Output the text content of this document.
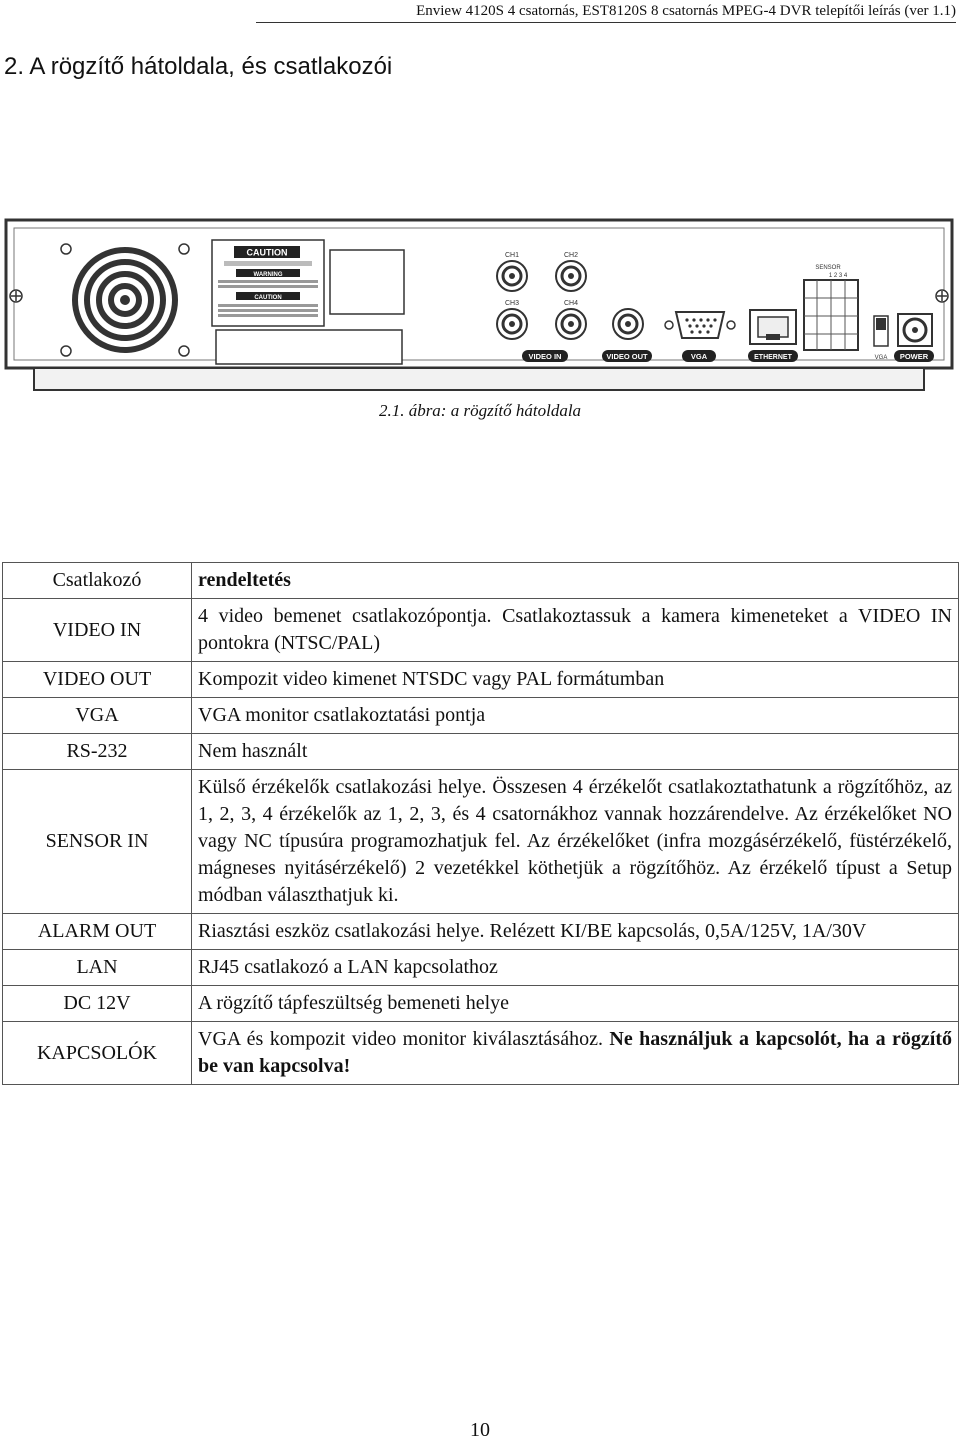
Enview 4120S 4 csatornás, EST8120S 8 csatornás MPEG-4 DVR telepítői leírás (ver 1.1)
2. A rögzítő hátoldala, és csatlakozói
CAUTION
WARNING
CAUTION
CH1	CH2
CH3	CH4
SENSOR
1 2 3 4
VIDEO IN	VIDEO OUT	VGA	ETHERNET	VGA POWER
2.1. ábra: a rögzítő hátoldala
Csatlakozó	rendeltetés
VIDEO IN	4 video bemenet csatlakozópontja. Csatlakoztassuk a kamera kimeneteket a VIDEO IN pontokra (NTSC/PAL)
VIDEO OUT	Kompozit video kimenet NTSDC vagy PAL formátumban
VGA	VGA monitor csatlakoztatási pontja
RS-232	Nem használt
SENSOR IN	Külső érzékelők csatlakozási helye. Összesen 4 érzékelőt csatlakoztathatunk a rögzítőhöz, az 1, 2, 3, 4 érzékelők az 1, 2, 3, és 4 csatornákhoz vannak hozzárendelve. Az érzékelőket NO vagy NC típusúra programozhatjuk fel. Az érzékelőket (infra mozgásérzékelő, füstérzékelő, mágneses nyitásérzékelő) 2 vezetékkel köthetjük a rögzítőhöz. Az érzékelő típust a Setup módban választhatjuk ki.
ALARM OUT	Riasztási eszköz csatlakozási helye. Relézett KI/BE kapcsolás, 0,5A/125V, 1A/30V
LAN	RJ45 csatlakozó a LAN kapcsolathoz
DC 12V	A rögzítő tápfeszültség bemeneti helye
KAPCSOLÓK	VGA és kompozit video monitor kiválasztásához. Ne használjuk a kapcsolót, ha a rögzítő be van kapcsolva!
10
